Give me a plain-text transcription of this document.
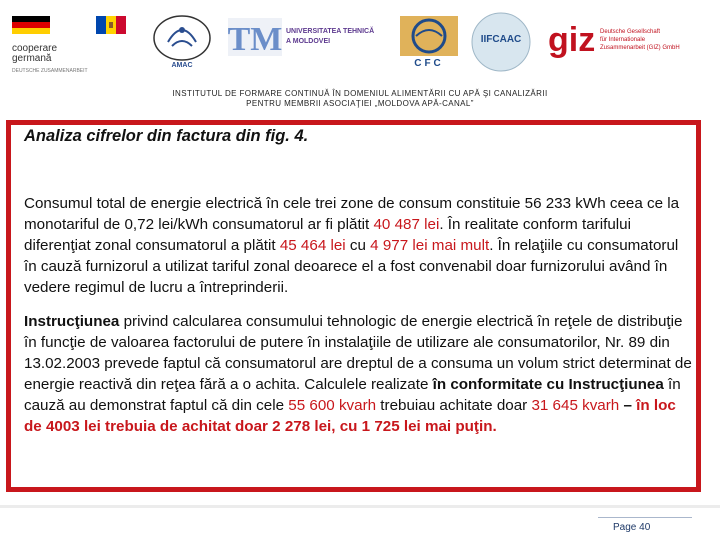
cooperare
germană
DEUTSCHE ZUSAMMENARBEIT
AMAC
TM UNIVERSITATEA TEHNICĂ
A MOLDOVEI
CFC
IIFCAAC giz Deutsche Gesellschaft
für Internationale
Zusammenarbeit (GIZ) GmbH
INSTITUTUL DE FORMARE CONTINUĂ ÎN DOMENIUL ALIMENTĂRII CU APĂ ŞI CANALIZĂRII
PENTRU MEMBRII ASOCIAŢIEI „MOLDOVA APĂ-CANAL”
Analiza cifrelor din factura din fig. 4.

Consumul total de energie electrică în cele trei zone de consum constituie 56 233 kWh ceea ce la monotariful de 0,72 lei/kWh consumatorul ar fi plătit 40 487 lei. În realitate conform tarifului diferenţiat zonal consumatorul a plătit 45 464 lei cu 4 977 lei mai mult. În relaţiile cu consumatorul în cauză furnizorul a utilizat tariful zonal deoarece el a fost convenabil doar furnizorului având în vedere regimul de lucru a întreprinderii.

Instrucţiunea privind calcularea consumului tehnologic de energie electrică în reţele de distribuţie în funcţie de valoarea factorului de putere în instalaţiile de utilizare ale consumatorilor, Nr. 89 din 13.02.2003 prevede faptul că consumatorul are dreptul de a consuma un volum strict determinat de energie reactivă din reţea fără a o achita. Calculele realizate în conformitate cu Instrucţiunea în cauză au demonstrat faptul că din cele 55 600 kvarh trebuiau achitate doar 31 645 kvarh – în loc de 4003 lei trebuia de achitat doar 2 278 lei, cu 1 725 lei mai puţin.

Page 40
